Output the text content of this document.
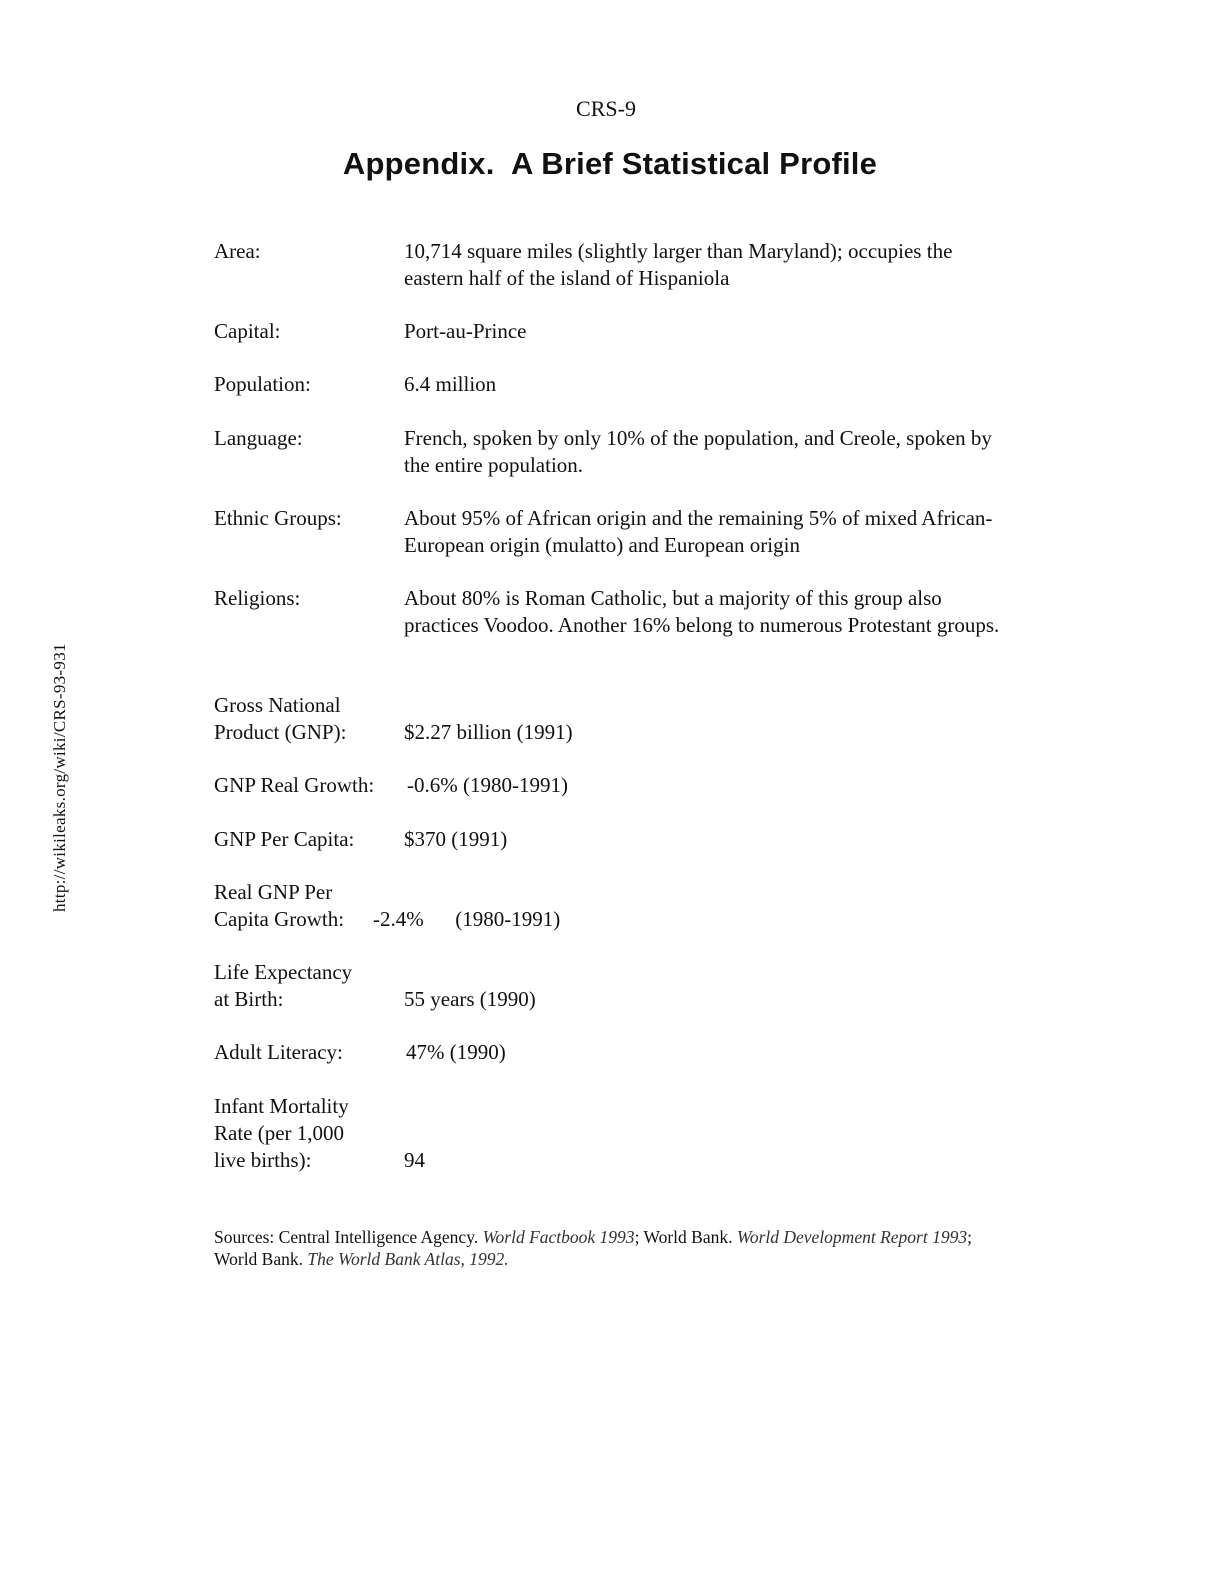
CRS-9
Appendix.  A Brief Statistical Profile
http://wikileaks.org/wiki/CRS-93-931
Area:	10,714 square miles (slightly larger than Maryland); occupies the eastern half of the island of Hispaniola
Capital:	Port-au-Prince
Population:	6.4 million
Language:	French, spoken by only 10% of the population, and Creole, spoken by the entire population.
Ethnic Groups:	About 95% of African origin and the remaining 5% of mixed African-European origin (mulatto) and European origin
Religions:	About 80% is Roman Catholic, but a majority of this group also practices Voodoo. Another 16% belong to numerous Protestant groups.
Gross National
Product (GNP):	$2.27 billion (1991)
GNP Real Growth: -0.6% (1980-1991)
GNP Per Capita: $370 (1991)
Real GNP Per
Capita Growth: -2.4%      (1980-1991)
Life Expectancy
at Birth:	55 years (1990)
Adult Literacy:	47% (1990)
Infant Mortality
Rate (per 1,000
live births):	94
Sources: Central Intelligence Agency. World Factbook 1993; World Bank. World Development Report 1993; World Bank. The World Bank Atlas, 1992.
